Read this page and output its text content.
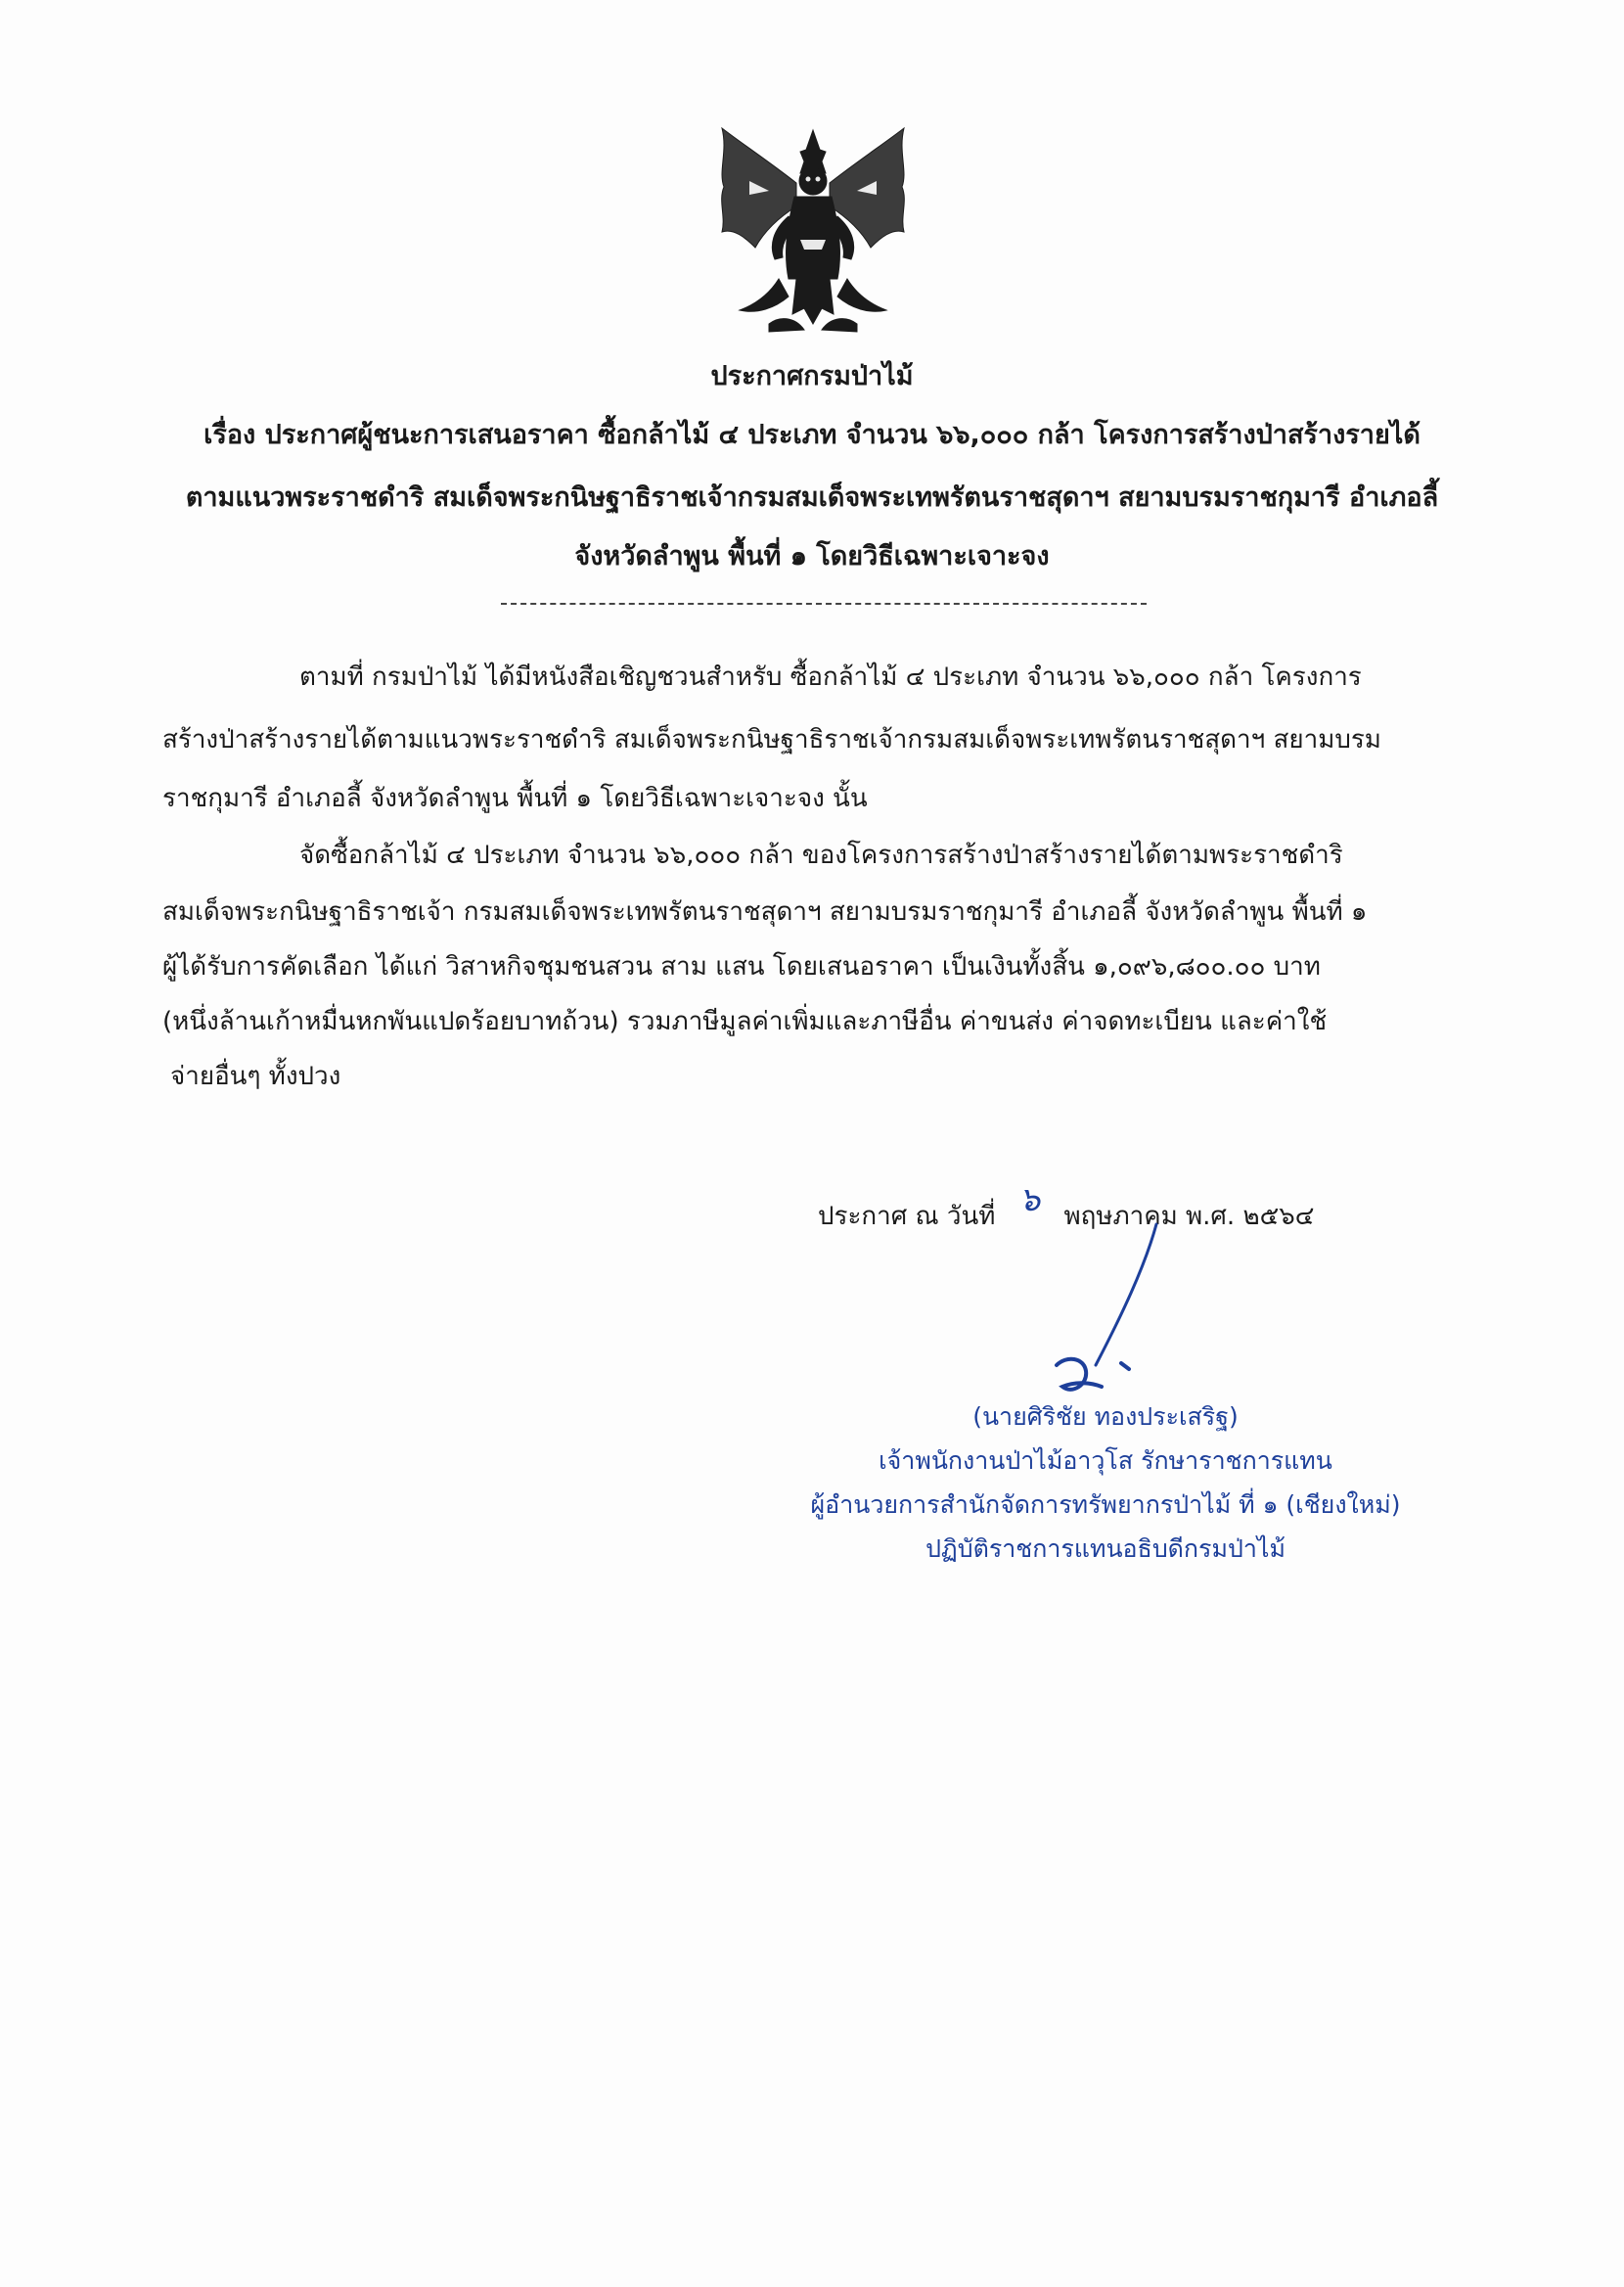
ประกาศกรมป่าไม้
เรื่อง ประกาศผู้ชนะการเสนอราคา ซื้อกล้าไม้ ๔ ประเภท จำนวน ๖๖,๐๐๐ กล้า โครงการสร้างป่าสร้างรายได้
ตามแนวพระราชดำริ สมเด็จพระกนิษฐาธิราชเจ้ากรมสมเด็จพระเทพรัตนราชสุดาฯ สยามบรมราชกุมารี อำเภอลี้
จังหวัดลำพูน พื้นที่ ๑ โดยวิธีเฉพาะเจาะจง
ตามที่ กรมป่าไม้ ได้มีหนังสือเชิญชวนสำหรับ ซื้อกล้าไม้ ๔ ประเภท จำนวน ๖๖,๐๐๐ กล้า โครงการ
สร้างป่าสร้างรายได้ตามแนวพระราชดำริ สมเด็จพระกนิษฐาธิราชเจ้ากรมสมเด็จพระเทพรัตนราชสุดาฯ สยามบรม
ราชกุมารี อำเภอลี้ จังหวัดลำพูน พื้นที่ ๑ โดยวิธีเฉพาะเจาะจง นั้น
จัดซื้อกล้าไม้ ๔ ประเภท จำนวน ๖๖,๐๐๐ กล้า ของโครงการสร้างป่าสร้างรายได้ตามพระราชดำริ
สมเด็จพระกนิษฐาธิราชเจ้า กรมสมเด็จพระเทพรัตนราชสุดาฯ สยามบรมราชกุมารี อำเภอลี้ จังหวัดลำพูน พื้นที่ ๑
ผู้ได้รับการคัดเลือก ได้แก่ วิสาหกิจชุมชนสวน สาม แสน โดยเสนอราคา เป็นเงินทั้งสิ้น ๑,๐๙๖,๘๐๐.๐๐ บาท
(หนึ่งล้านเก้าหมื่นหกพันแปดร้อยบาทถ้วน) รวมภาษีมูลค่าเพิ่มและภาษีอื่น ค่าขนส่ง ค่าจดทะเบียน และค่าใช้
จ่ายอื่นๆ ทั้งปวง
ประกาศ ณ วันที่ ๖ พฤษภาคม พ.ศ. ๒๕๖๔
(นายศิริชัย ทองประเสริฐ)
เจ้าพนักงานป่าไม้อาวุโส รักษาราชการแทน
ผู้อำนวยการสำนักจัดการทรัพยากรป่าไม้ ที่ ๑ (เชียงใหม่)
ปฏิบัติราชการแทนอธิบดีกรมป่าไม้
